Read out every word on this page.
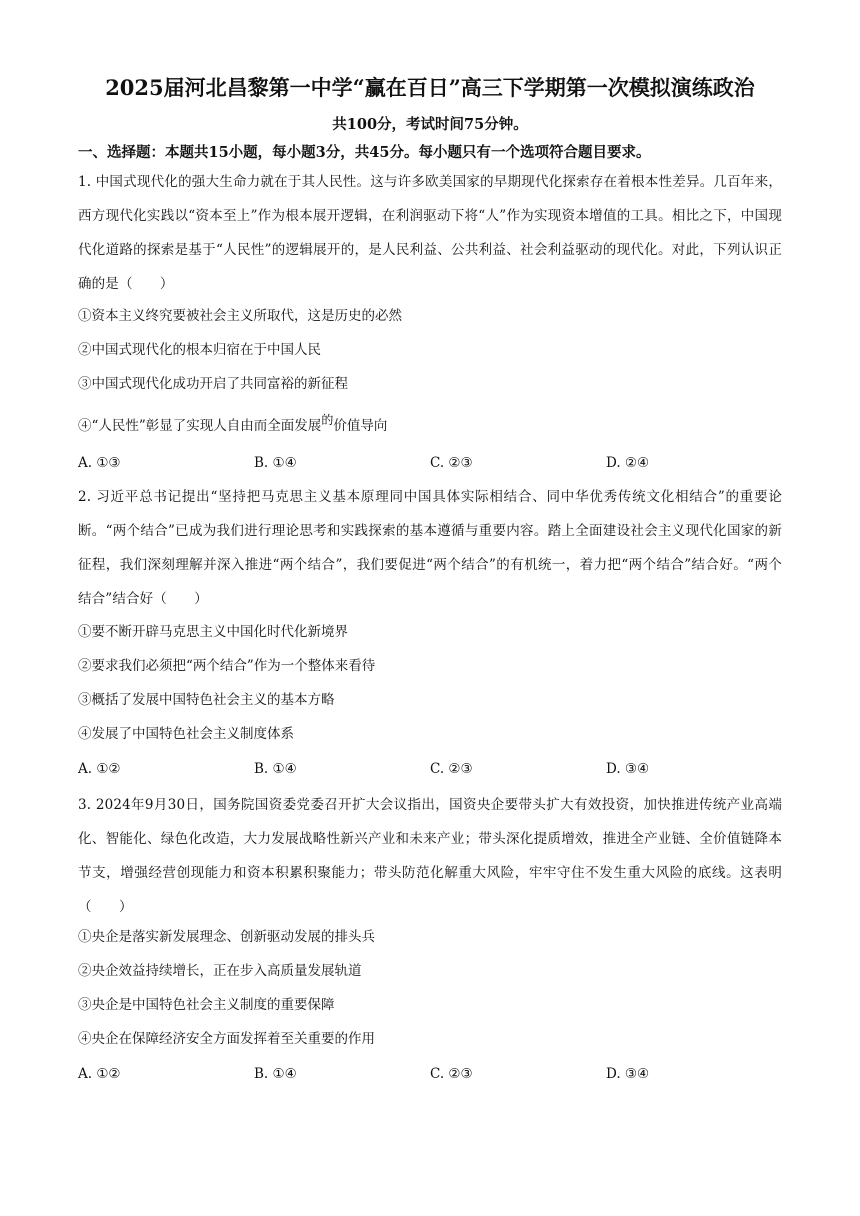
2025届河北昌黎第一中学“赢在百日”高三下学期第一次模拟演练政治
共100分，考试时间75分钟。
一、选择题：本题共15小题，每小题3分，共45分。每小题只有一个选项符合题目要求。
1. 中国式现代化的强大生命力就在于其人民性。这与许多欧美国家的早期现代化探索存在着根本性差异。几百年来，西方现代化实践以“资本至上”作为根本展开逻辑，在利润驱动下将“人”作为实现资本增值的工具。相比之下，中国现代化道路的探索是基于“人民性”的逻辑展开的，是人民利益、公共利益、社会利益驱动的现代化。对此，下列认识正确的是（　　）
①资本主义终究要被社会主义所取代，这是历史的必然
②中国式现代化的根本归宿在于中国人民
③中国式现代化成功开启了共同富裕的新征程
④“人民性”彰显了实现人自由而全面发展的价值导向
A. ①③	B. ①④	C. ②③	D. ②④
2. 习近平总书记提出“坚持把马克思主义基本原理同中国具体实际相结合、同中华优秀传统文化相结合”的重要论断。“两个结合”已成为我们进行理论思考和实践探索的基本遵循与重要内容。踏上全面建设社会主义现代化国家的新征程，我们深刻理解并深入推进“两个结合”，我们要促进“两个结合”的有机统一，着力把“两个结合”结合好。“两个结合”结合好（　　）
①要不断开辟马克思主义中国化时代化新境界
②要求我们必须把“两个结合”作为一个整体来看待
③概括了发展中国特色社会主义的基本方略
④发展了中国特色社会主义制度体系
A. ①②	B. ①④	C. ②③	D. ③④
3. 2024年9月30日，国务院国资委党委召开扩大会议指出，国资央企要带头扩大有效投资，加快推进传统产业高端化、智能化、绿色化改造，大力发展战略性新兴产业和未来产业；带头深化提质增效，推进全产业链、全价值链降本节支，增强经营创现能力和资本积累积聚能力；带头防范化解重大风险，牢牢守住不发生重大风险的底线。这表明（　　）
①央企是落实新发展理念、创新驱动发展的排头兵
②央企效益持续增长，正在步入高质量发展轨道
③央企是中国特色社会主义制度的重要保障
④央企在保障经济安全方面发挥着至关重要的作用
A. ①②	B. ①④	C. ②③	D. ③④
